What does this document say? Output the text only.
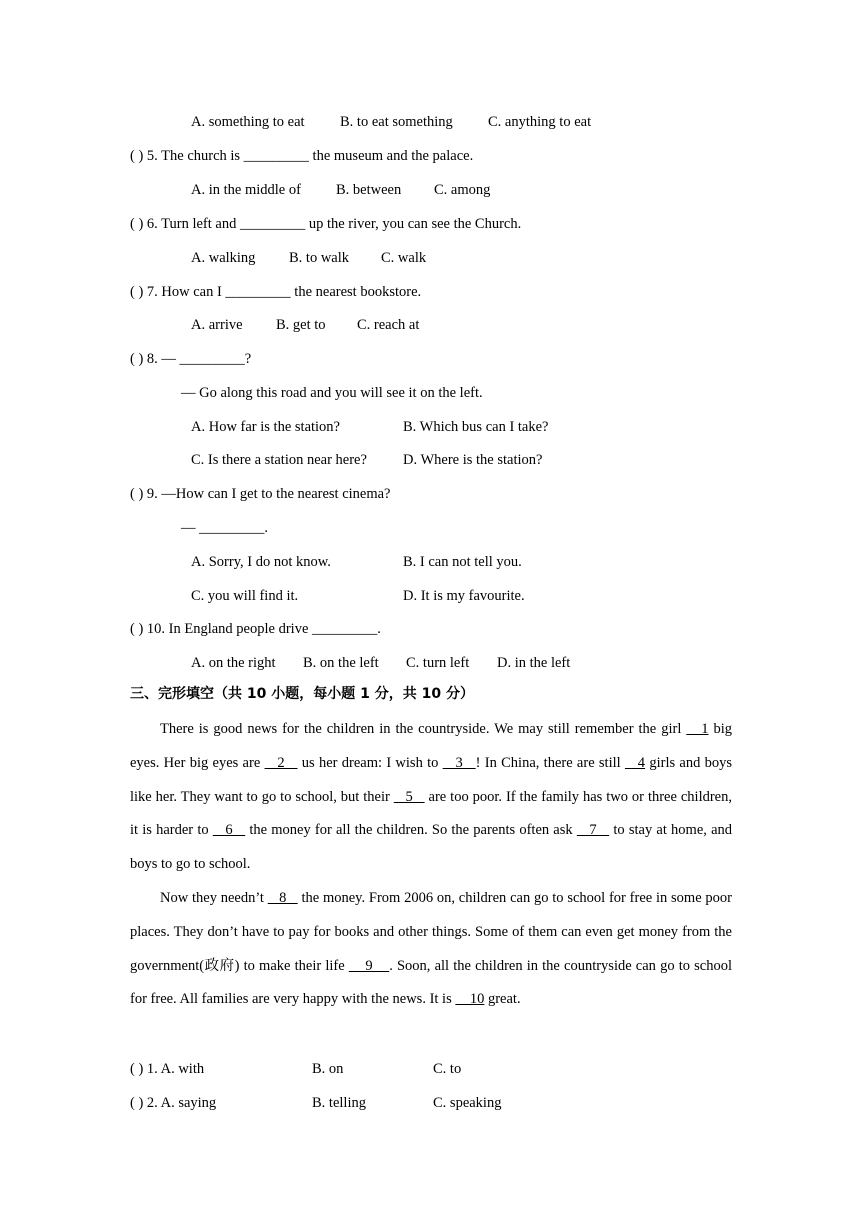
A. something to eat B. to eat something C. anything to eat
( ) 5. The church is _________ the museum and the palace.
A. in the middle of B. between C. among
( ) 6. Turn left and _________ up the river, you can see the Church.
A. walking B. to walk C. walk
( ) 7. How can I _________ the nearest bookstore.
A. arrive B. get to C. reach at
( ) 8. — _________?
— Go along this road and you will see it on the left.
A. How far is the station?	B. Which bus can I take?
C. Is there a station near here? D. Where is the station?
( ) 9. —How can I get to the nearest cinema?
— _________.
A. Sorry, I do not know.	B. I can not tell you.
C. you will find it.	D. It is my favourite.
( ) 10. In England people drive _________.
A. on the right B. on the left C. turn left D. in the left
三、完形填空（共 10 小题，每小题 1 分，共 10 分）

There is good news for the children in the countryside. We may still remember the girl    1 big eyes. Her big eyes are    2    us her dream: I wish to    3   ! In China, there are still    4 girls and boys like her. They want to go to school, but their    5    are too poor. If the family has two or three children, it is harder to    6    the money for all the children. So the parents often ask    7    to stay at home, and boys to go to school.

Now they needn’t    8    the money. From 2006 on, children can go to school for free in some poor places. They don’t have to pay for books and other things. Some of them can even get money from the government(政府) to make their life     9    . Soon, all the children in the countryside can go to school for free. All families are very happy with the news. It is     10 great.

( ) 1. A. with	B. on	C. to
( ) 2. A. saying	B. telling	C. speaking
